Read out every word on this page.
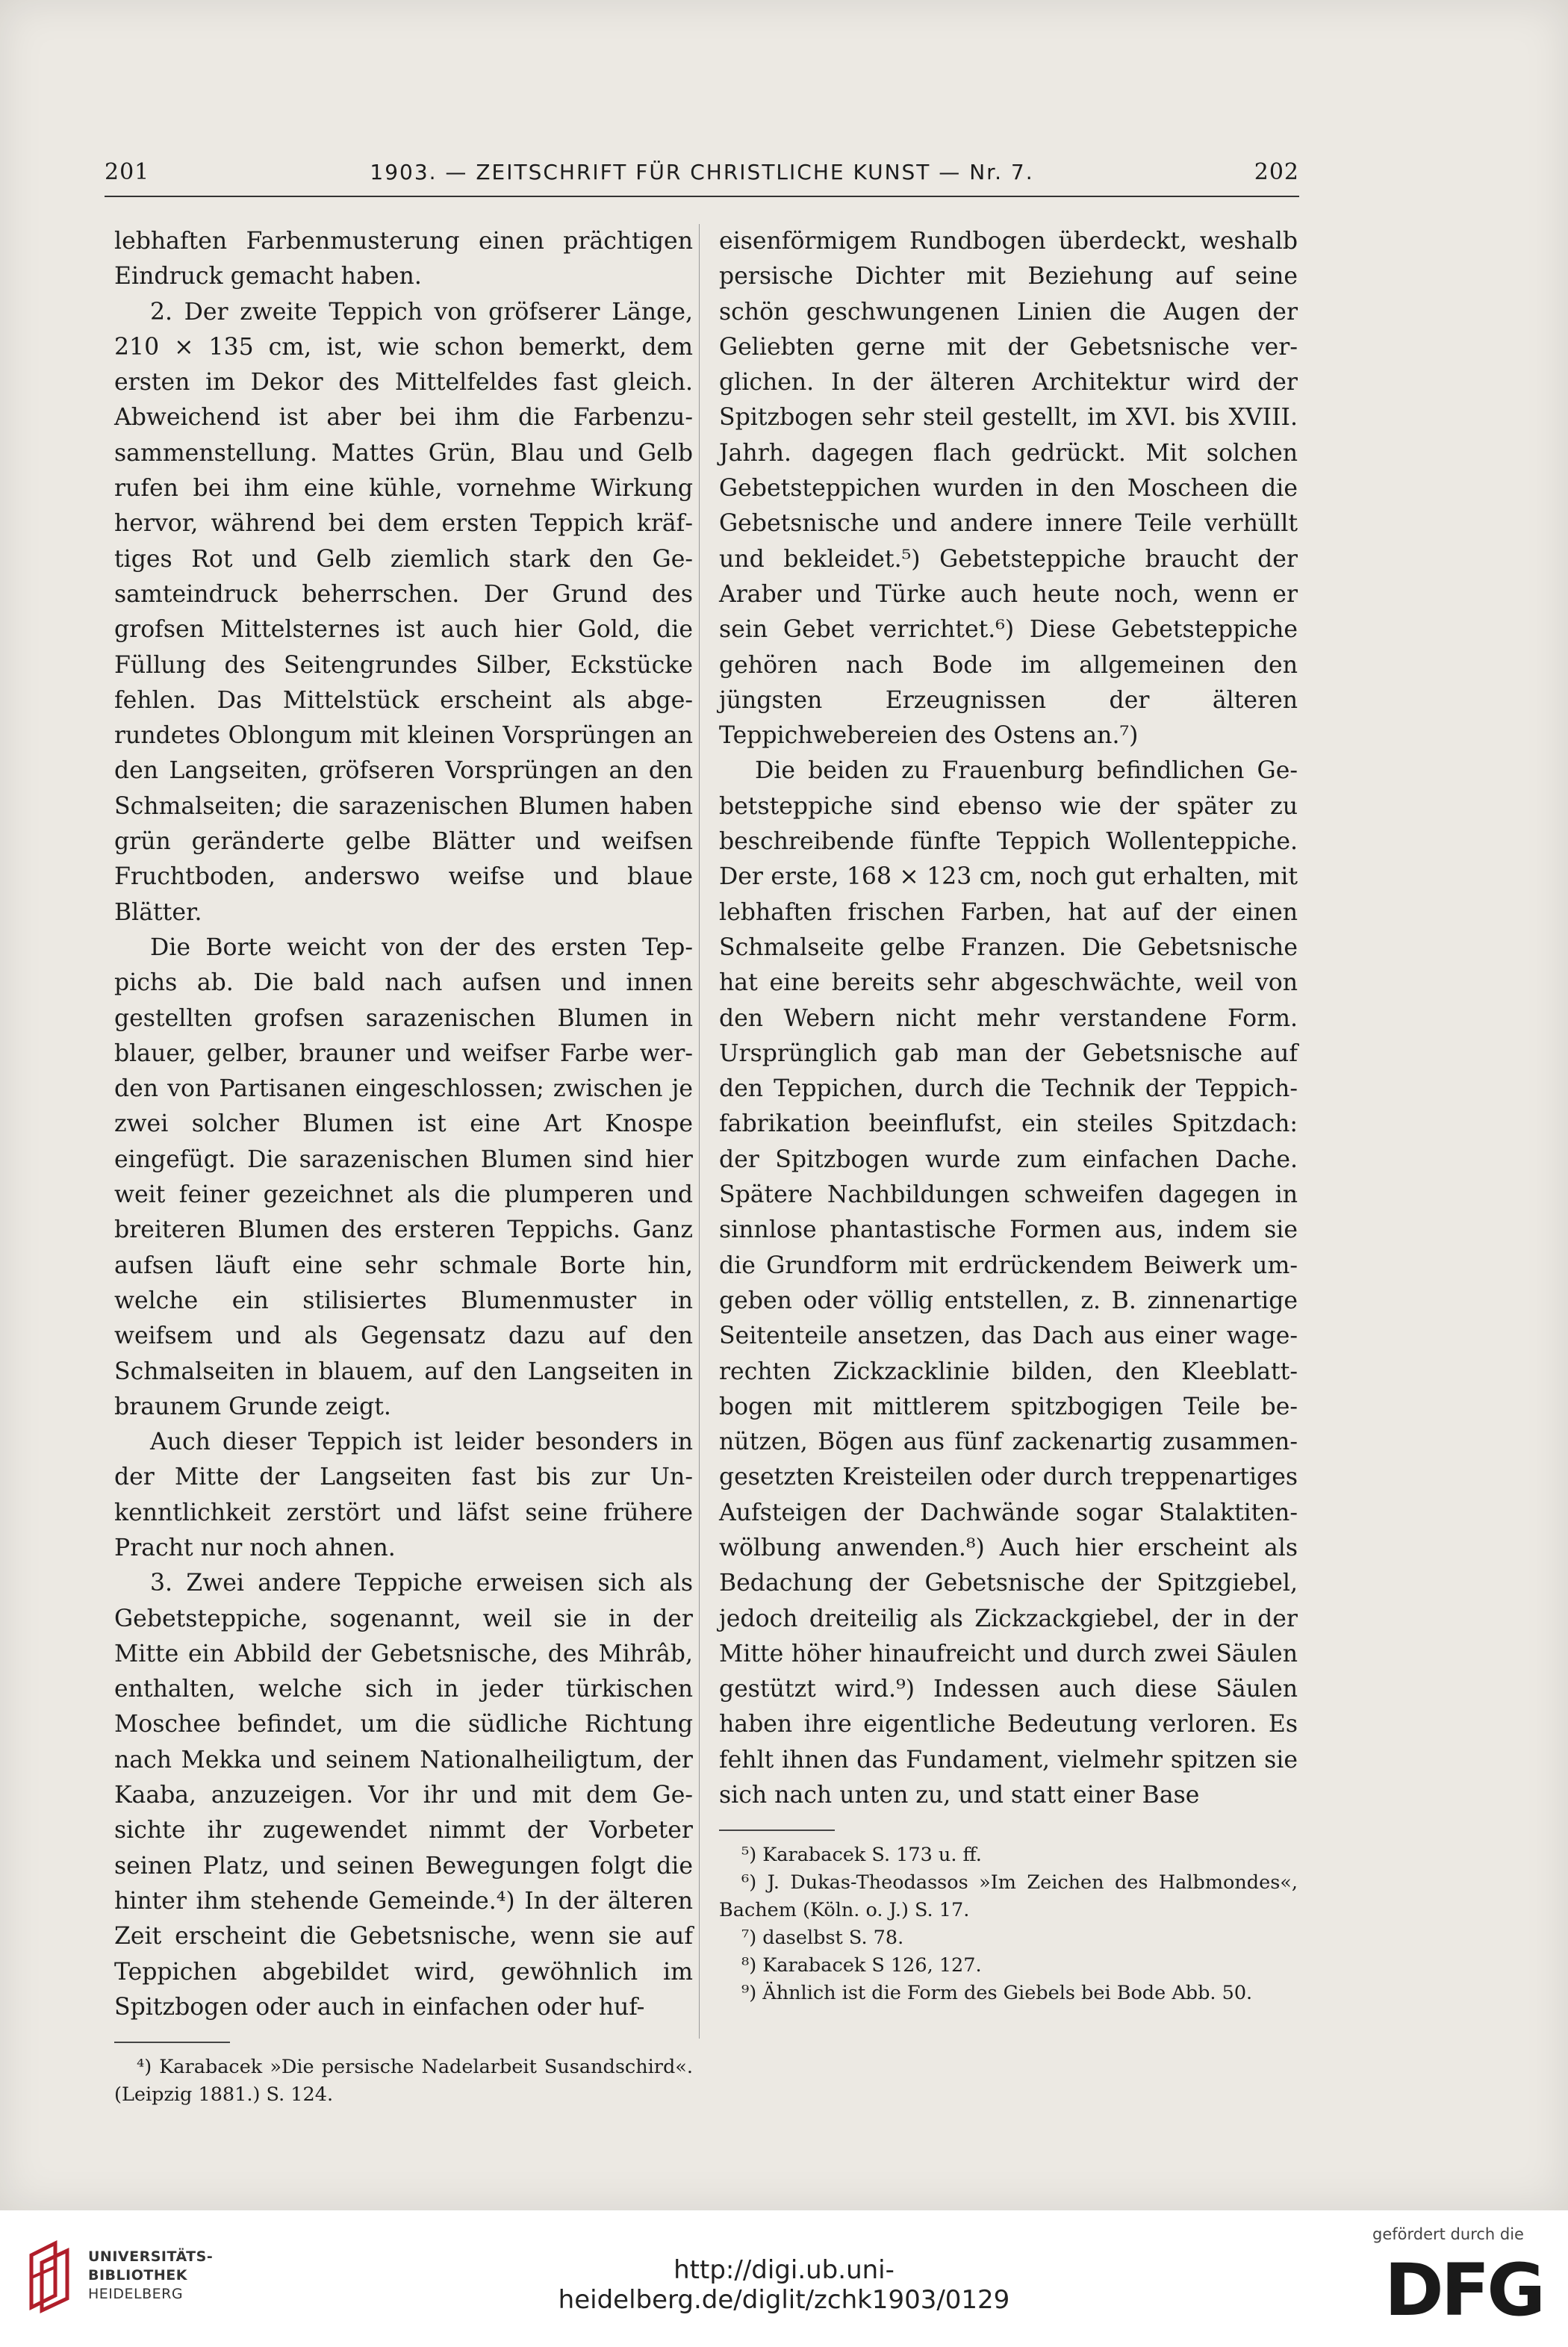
201	1903. — ZEITSCHRIFT FÜR CHRISTLICHE KUNST — Nr. 7.	202

lebhaften Farbenmusterung einen prächtigen Eindruck gemacht haben.

2. Der zweite Teppich von gröfserer Länge, 210 × 135 cm, ist, wie schon bemerkt, dem ersten im Dekor des Mittelfeldes fast gleich. Abweichend ist aber bei ihm die Farbenzusammenstellung. Mattes Grün, Blau und Gelb rufen bei ihm eine kühle, vornehme Wirkung hervor, während bei dem ersten Teppich kräftiges Rot und Gelb ziemlich stark den Gesamteindruck beherrschen. Der Grund des grofsen Mittelsternes ist auch hier Gold, die Füllung des Seitengrundes Silber, Eckstücke fehlen. Das Mittelstück erscheint als abgerundetes Oblongum mit kleinen Vorsprüngen an den Langseiten, gröfseren Vorsprüngen an den Schmalseiten; die sarazenischen Blumen haben grün geränderte gelbe Blätter und weifsen Fruchtboden, anderswo weifse und blaue Blätter.

Die Borte weicht von der des ersten Teppichs ab. Die bald nach aufsen und innen gestellten grofsen sarazenischen Blumen in blauer, gelber, brauner und weifser Farbe werden von Partisanen eingeschlossen; zwischen je zwei solcher Blumen ist eine Art Knospe eingefügt. Die sarazenischen Blumen sind hier weit feiner gezeichnet als die plumperen und breiteren Blumen des ersteren Teppichs. Ganz aufsen läuft eine sehr schmale Borte hin, welche ein stilisiertes Blumenmuster in weifsem und als Gegensatz dazu auf den Schmalseiten in blauem, auf den Langseiten in braunem Grunde zeigt.

Auch dieser Teppich ist leider besonders in der Mitte der Langseiten fast bis zur Unkenntlichkeit zerstört und läfst seine frühere Pracht nur noch ahnen.

3. Zwei andere Teppiche erweisen sich als Gebetsteppiche, sogenannt, weil sie in der Mitte ein Abbild der Gebetsnische, des Mihrâb, enthalten, welche sich in jeder türkischen Moschee befindet, um die südliche Richtung nach Mekka und seinem Nationalheiligtum, der Kaaba, anzuzeigen. Vor ihr und mit dem Gesichte ihr zugewendet nimmt der Vorbeter seinen Platz, und seinen Bewegungen folgt die hinter ihm stehende Gemeinde.⁴) In der älteren Zeit erscheint die Gebetsnische, wenn sie auf Teppichen abgebildet wird, gewöhnlich im Spitzbogen oder auch in einfachen oder huf-

⁴) Karabacek »Die persische Nadelarbeit Susandschird«. (Leipzig 1881.) S. 124.

eisenförmigem Rundbogen überdeckt, weshalb persische Dichter mit Beziehung auf seine schön geschwungenen Linien die Augen der Geliebten gerne mit der Gebetsnische verglichen. In der älteren Architektur wird der Spitzbogen sehr steil gestellt, im XVI. bis XVIII. Jahrh. dagegen flach gedrückt. Mit solchen Gebetsteppichen wurden in den Moscheen die Gebetsnische und andere innere Teile verhüllt und bekleidet.⁵) Gebetsteppiche braucht der Araber und Türke auch heute noch, wenn er sein Gebet verrichtet.⁶) Diese Gebetsteppiche gehören nach Bode im allgemeinen den jüngsten Erzeugnissen der älteren Teppichwebereien des Ostens an.⁷)

Die beiden zu Frauenburg befindlichen Gebetsteppiche sind ebenso wie der später zu beschreibende fünfte Teppich Wollenteppiche. Der erste, 168 × 123 cm, noch gut erhalten, mit lebhaften frischen Farben, hat auf der einen Schmalseite gelbe Franzen. Die Gebetsnische hat eine bereits sehr abgeschwächte, weil von den Webern nicht mehr verstandene Form. Ursprünglich gab man der Gebetsnische auf den Teppichen, durch die Technik der Teppichfabrikation beeinflufst, ein steiles Spitzdach: der Spitzbogen wurde zum einfachen Dache. Spätere Nachbildungen schweifen dagegen in sinnlose phantastische Formen aus, indem sie die Grundform mit erdrückendem Beiwerk umgeben oder völlig entstellen, z. B. zinnenartige Seitenteile ansetzen, das Dach aus einer wagerechten Zickzacklinie bilden, den Kleeblattbogen mit mittlerem spitzbogigen Teile benützen, Bögen aus fünf zackenartig zusammengesetzten Kreisteilen oder durch treppenartiges Aufsteigen der Dachwände sogar Stalaktitenwölbung anwenden.⁸) Auch hier erscheint als Bedachung der Gebetsnische der Spitzgiebel, jedoch dreiteilig als Zickzackgiebel, der in der Mitte höher hinaufreicht und durch zwei Säulen gestützt wird.⁹) Indessen auch diese Säulen haben ihre eigentliche Bedeutung verloren. Es fehlt ihnen das Fundament, vielmehr spitzen sie sich nach unten zu, und statt einer Base

⁵) Karabacek S. 173 u. ff.

⁶) J. Dukas-Theodassos »Im Zeichen des Halbmondes«, Bachem (Köln. o. J.) S. 17.

⁷) daselbst S. 78.

⁸) Karabacek S 126, 127.

⁹) Ähnlich ist die Form des Giebels bei Bode Abb. 50.

UNIVERSITÄTS-
BIBLIOTHEK
HEIDELBERG
http://digi.ub.uni-heidelberg.de/diglit/zchk1903/0129
gefördert durch die
DFG
